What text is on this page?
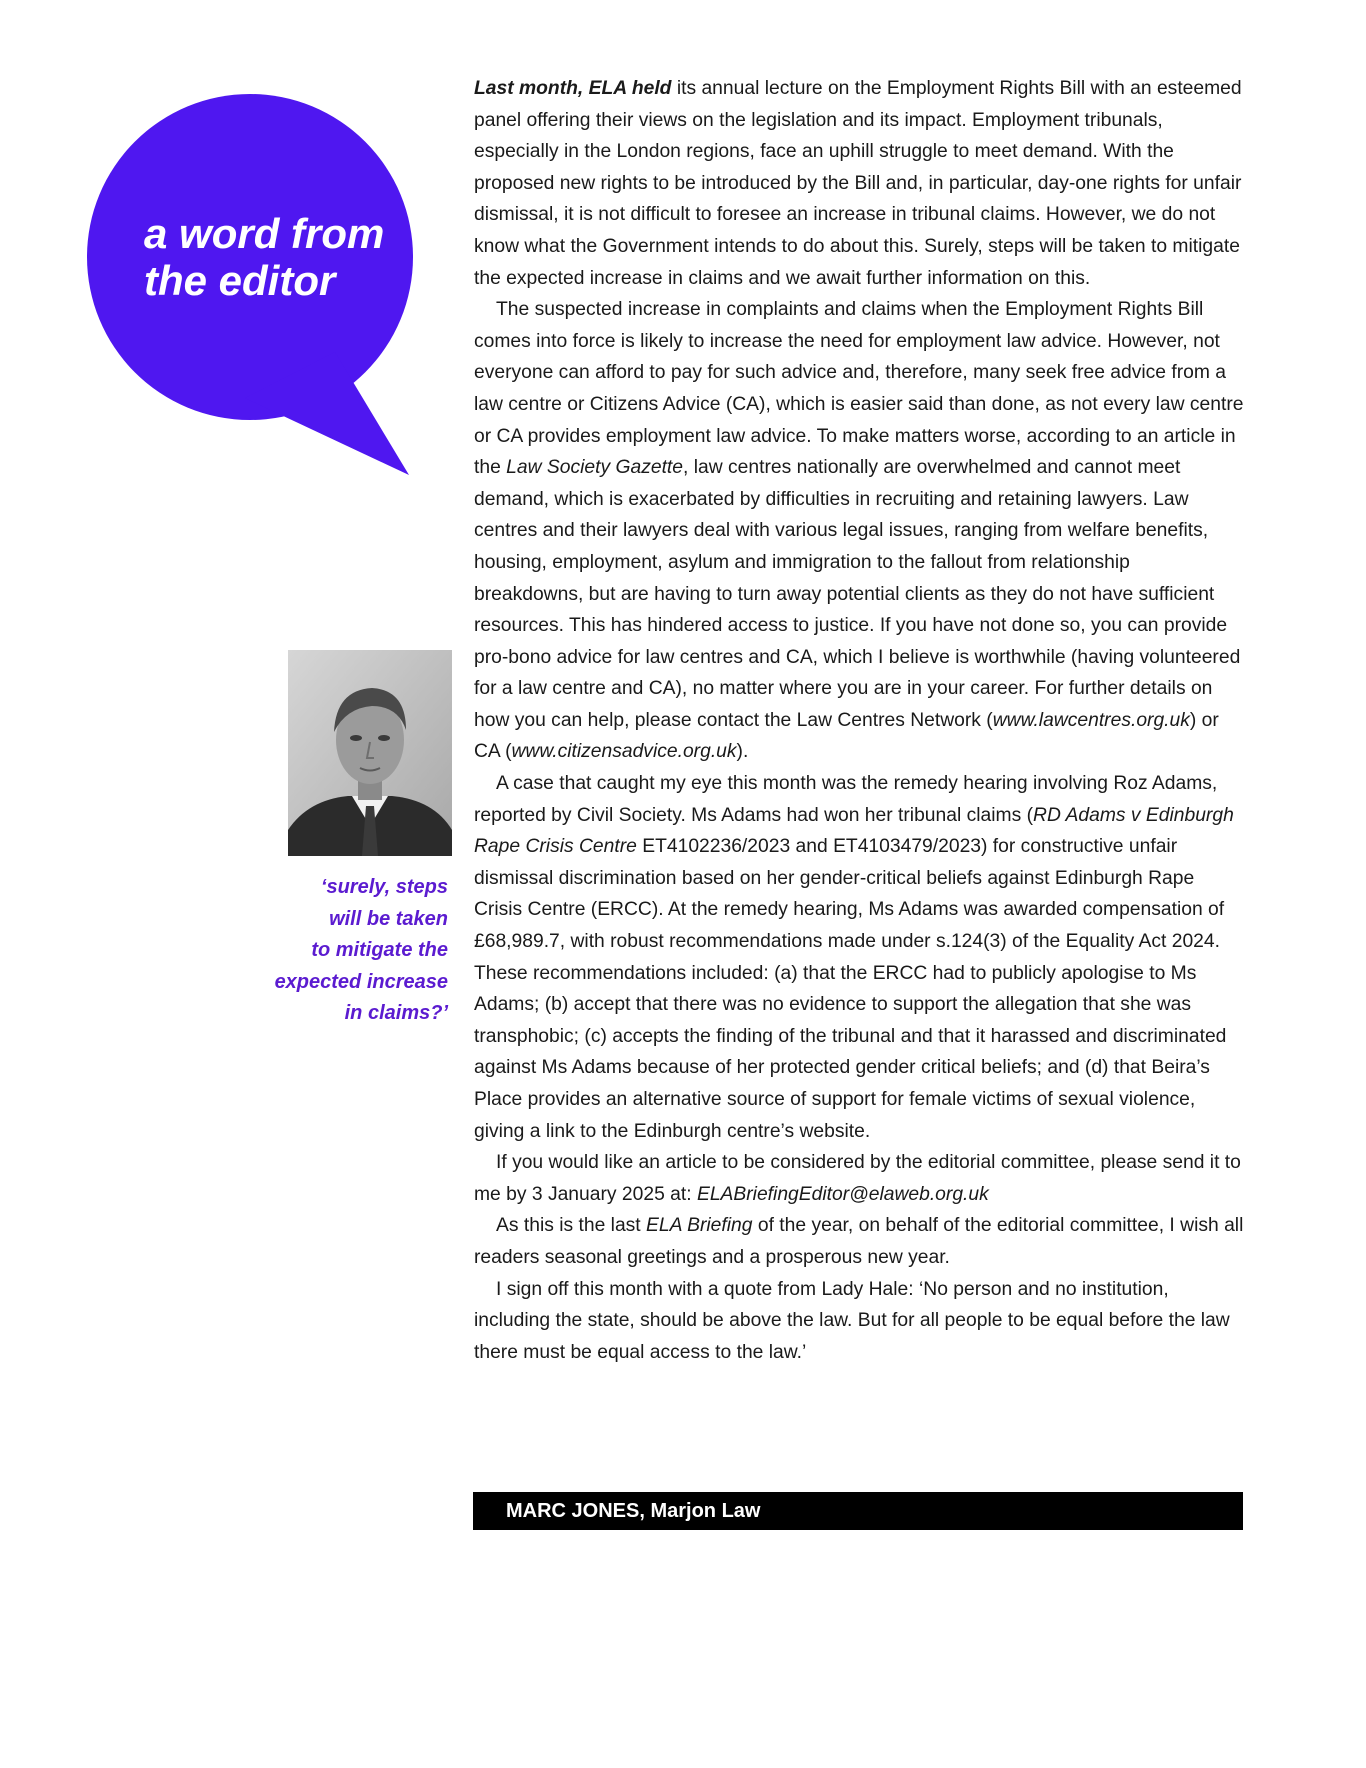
a word from
the editor

‘surely, steps
will be taken
to mitigate the
expected increase
in claims?’

Last month, ELA held its annual lecture on the Employment Rights Bill with an esteemed panel offering their views on the legislation and its impact. Employment tribunals, especially in the London regions, face an uphill struggle to meet demand. With the proposed new rights to be introduced by the Bill and, in particular, day-one rights for unfair dismissal, it is not difficult to foresee an increase in tribunal claims. However, we do not know what the Government intends to do about this. Surely, steps will be taken to mitigate the expected increase in claims and we await further information on this.

The suspected increase in complaints and claims when the Employment Rights Bill comes into force is likely to increase the need for employment law advice. However, not everyone can afford to pay for such advice and, therefore, many seek free advice from a law centre or Citizens Advice (CA), which is easier said than done, as not every law centre or CA provides employment law advice. To make matters worse, according to an article in the Law Society Gazette, law centres nationally are overwhelmed and cannot meet demand, which is exacerbated by difficulties in recruiting and retaining lawyers. Law centres and their lawyers deal with various legal issues, ranging from welfare benefits, housing, employment, asylum and immigration to the fallout from relationship breakdowns, but are having to turn away potential clients as they do not have sufficient resources. This has hindered access to justice. If you have not done so, you can provide pro-bono advice for law centres and CA, which I believe is worthwhile (having volunteered for a law centre and CA), no matter where you are in your career. For further details on how you can help, please contact the Law Centres Network (www.lawcentres.org.uk) or CA (www.citizensadvice.org.uk).

A case that caught my eye this month was the remedy hearing involving Roz Adams, reported by Civil Society. Ms Adams had won her tribunal claims (RD Adams v Edinburgh Rape Crisis Centre ET4102236/2023 and ET4103479/2023) for constructive unfair dismissal discrimination based on her gender-critical beliefs against Edinburgh Rape Crisis Centre (ERCC). At the remedy hearing, Ms Adams was awarded compensation of £68,989.7, with robust recommendations made under s.124(3) of the Equality Act 2024. These recommendations included: (a) that the ERCC had to publicly apologise to Ms Adams; (b) accept that there was no evidence to support the allegation that she was transphobic; (c) accepts the finding of the tribunal and that it harassed and discriminated against Ms Adams because of her protected gender critical beliefs; and (d) that Beira’s Place provides an alternative source of support for female victims of sexual violence, giving a link to the Edinburgh centre’s website.

If you would like an article to be considered by the editorial committee, please send it to me by 3 January 2025 at: ELABriefingEditor@elaweb.org.uk

As this is the last ELA Briefing of the year, on behalf of the editorial committee, I wish all readers seasonal greetings and a prosperous new year.

I sign off this month with a quote from Lady Hale: ‘No person and no institution, including the state, should be above the law. But for all people to be equal before the law there must be equal access to the law.’

MARC JONES, Marjon Law
